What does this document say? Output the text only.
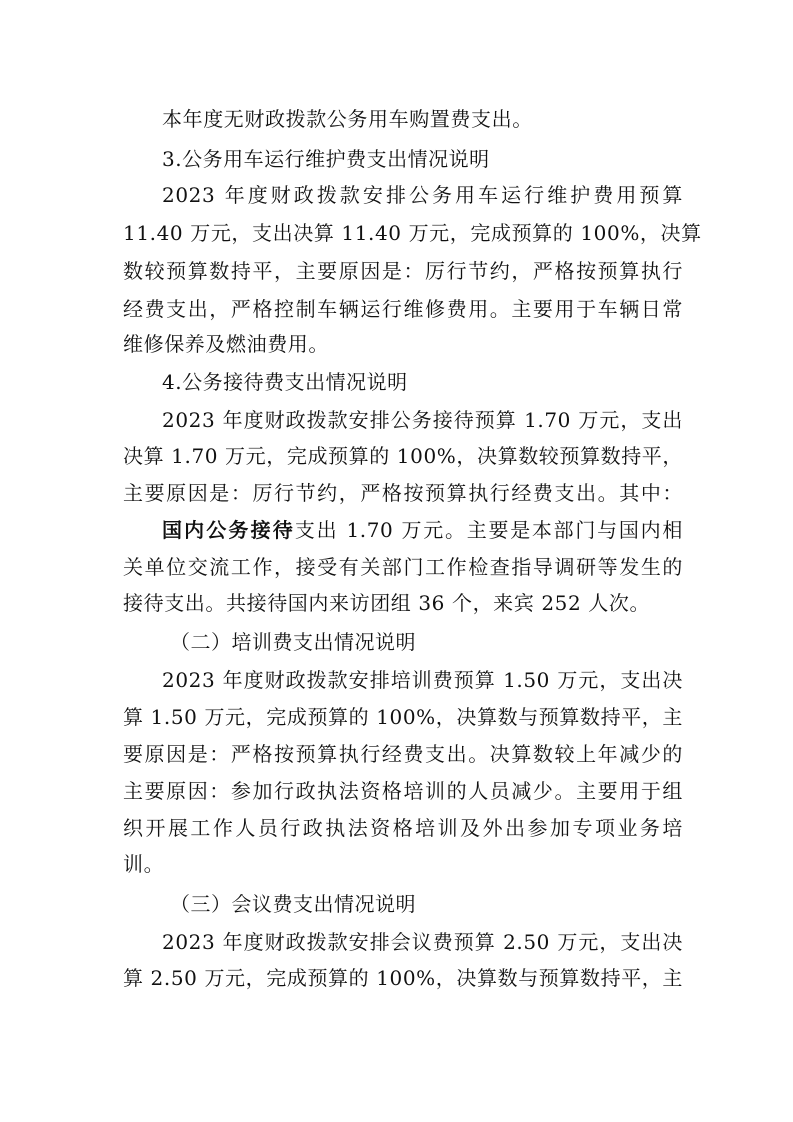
本年度无财政拨款公务用车购置费支出。
3.公务用车运行维护费支出情况说明
2023 年度财政拨款安排公务用车运行维护费用预算
11.40 万元，支出决算 11.40 万元，完成预算的 100%，决算
数较预算数持平，主要原因是：厉行节约，严格按预算执行
经费支出，严格控制车辆运行维修费用。主要用于车辆日常
维修保养及燃油费用。
4.公务接待费支出情况说明
2023 年度财政拨款安排公务接待预算 1.70 万元，支出
决算 1.70 万元，完成预算的 100%，决算数较预算数持平，
主要原因是：厉行节约，严格按预算执行经费支出。其中：
国内公务接待支出 1.70 万元。主要是本部门与国内相
关单位交流工作，接受有关部门工作检查指导调研等发生的
接待支出。共接待国内来访团组 36 个，来宾 252 人次。
（二）培训费支出情况说明
2023 年度财政拨款安排培训费预算 1.50 万元，支出决
算 1.50 万元，完成预算的 100%，决算数与预算数持平，主
要原因是：严格按预算执行经费支出。决算数较上年减少的
主要原因：参加行政执法资格培训的人员减少。主要用于组
织开展工作人员行政执法资格培训及外出参加专项业务培
训。
（三）会议费支出情况说明
2023 年度财政拨款安排会议费预算 2.50 万元，支出决
算 2.50 万元，完成预算的 100%，决算数与预算数持平，主
